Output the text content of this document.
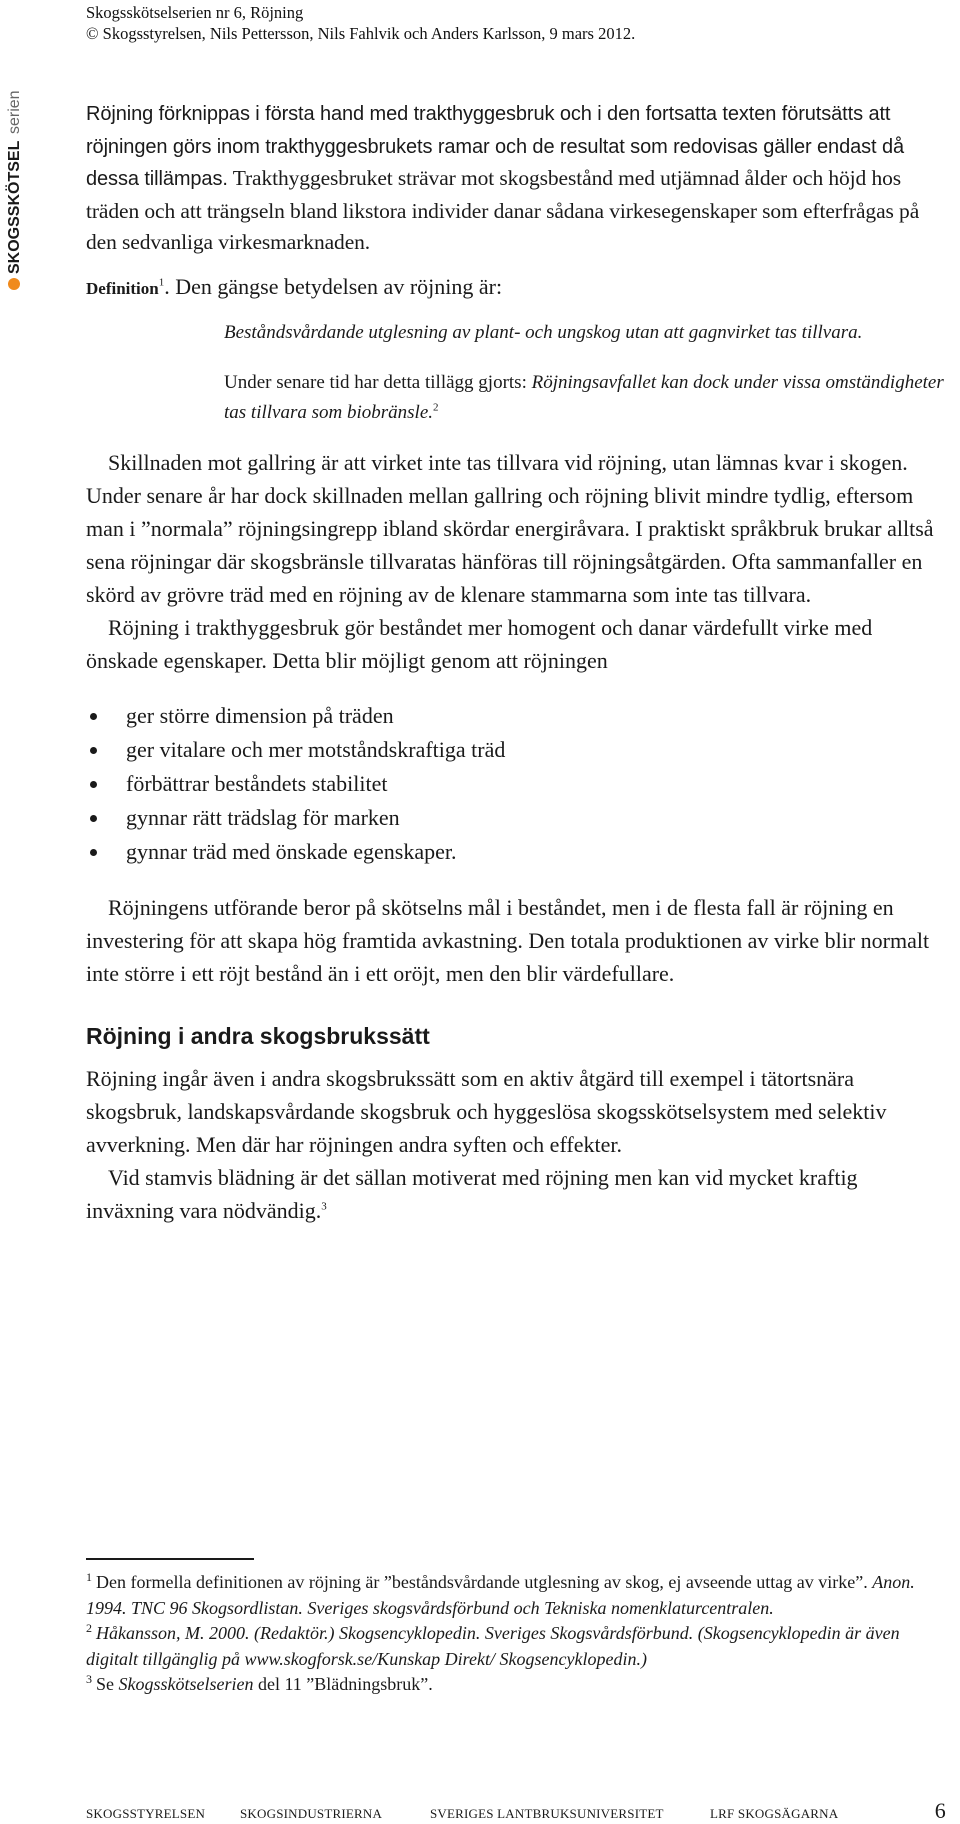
Skogsskötselserien nr 6, Röjning
© Skogsstyrelsen, Nils Pettersson, Nils Fahlvik och Anders Karlsson, 9 mars 2012.
SKOGSSKÖTSEL
serien	Röjning förknippas i första hand med trakthyggesbruk och i den fortsatta texten förutsätts att röjningen görs inom trakthyggesbrukets ramar och de resultat som redovisas gäller endast då dessa tillämpas. Trakthyggesbruket strävar mot skogsbestånd med utjämnad ålder och höjd hos träden och att trängseln bland likstora individer danar sådana virkesegenskaper som efterfrågas på den sedvanliga virkesmarknaden.

Definition$^1$. Den gängse betydelsen av röjning är:

Beståndsvårdande utglesning av plant- och ungskog utan att gagnvirket tas tillvara.

Under senare tid har detta tillägg gjorts: Röjningsavfallet kan dock under vissa omständigheter tas tillvara som biobränsle.$^2$

Skillnaden mot gallring är att virket inte tas tillvara vid röjning, utan lämnas kvar i skogen. Under senare år har dock skillnaden mellan gallring och röjning blivit mindre tydlig, eftersom man i ”normala” röjningsingrepp ibland skördar energiråvara. I praktiskt språkbruk brukar alltså sena röjningar där skogsbränsle tillvaratas hänföras till röjningsåtgärden. Ofta sammanfaller en skörd av grövre träd med en röjning av de klenare stammarna som inte tas tillvara.

Röjning i trakthyggesbruk gör beståndet mer homogent och danar värdefullt virke med önskade egenskaper. Detta blir möjligt genom att röjningen

ger större dimension på träden
ger vitalare och mer motståndskraftiga träd
förbättrar beståndets stabilitet
gynnar rätt trädslag för marken
gynnar träd med önskade egenskaper.

Röjningens utförande beror på skötselns mål i beståndet, men i de flesta fall är röjning en investering för att skapa hög framtida avkastning. Den totala produktionen av virke blir normalt inte större i ett röjt bestånd än i ett oröjt, men den blir värdefullare.

Röjning i andra skogsbrukssätt

Röjning ingår även i andra skogsbrukssätt som en aktiv åtgärd till exempel i tätortsnära skogsbruk, landskapsvårdande skogsbruk och hyggeslösa skogsskötselsystem med selektiv avverkning. Men där har röjningen andra syften och effekter.

Vid stamvis blädning är det sällan motiverat med röjning men kan vid mycket kraftig inväxning vara nödvändig.$^3$

$^1$ Den formella definitionen av röjning är ”beståndsvårdande utglesning av skog, ej avseende uttag av virke”. Anon. 1994. TNC 96 Skogsordlistan. Sveriges skogsvårdsförbund och Tekniska nomenklaturcentralen.

$^2$ Håkansson, M. 2000. (Redaktör.) Skogsencyklopedin. Sveriges Skogsvårdsförbund. (Skogsencyklopedin är även digitalt tillgänglig på www.skogforsk.se/Kunskap Direkt/ Skogsencyklopedin.)

$^3$ Se Skogsskötselserien del 11 ”Blädningsbruk”.

SKOGSSTYRELSEN	SKOGSINDUSTRIERNA	SVERIGES LANTBRUKSUNIVERSITET	LRF SKOGSÄGARNA	6
